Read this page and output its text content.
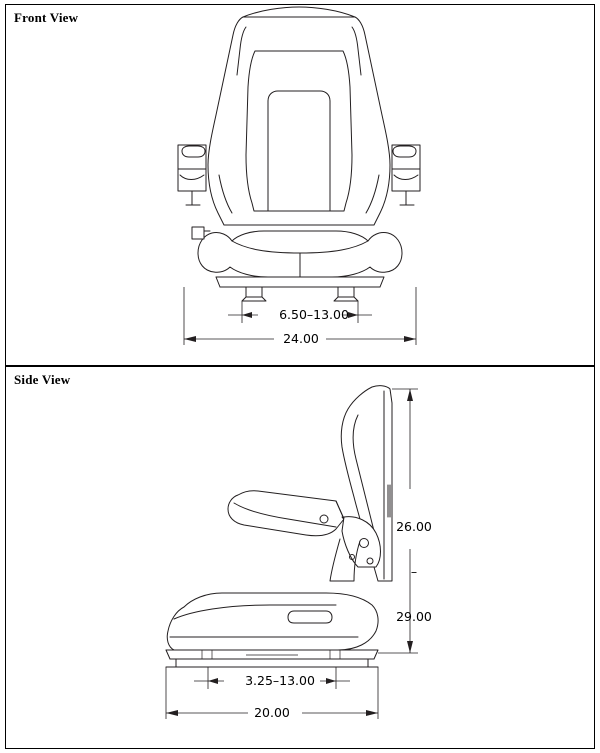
Front View
6.50–13.00
24.00
Side View

26.00

–

29.00

3.25–13.00
20.00
